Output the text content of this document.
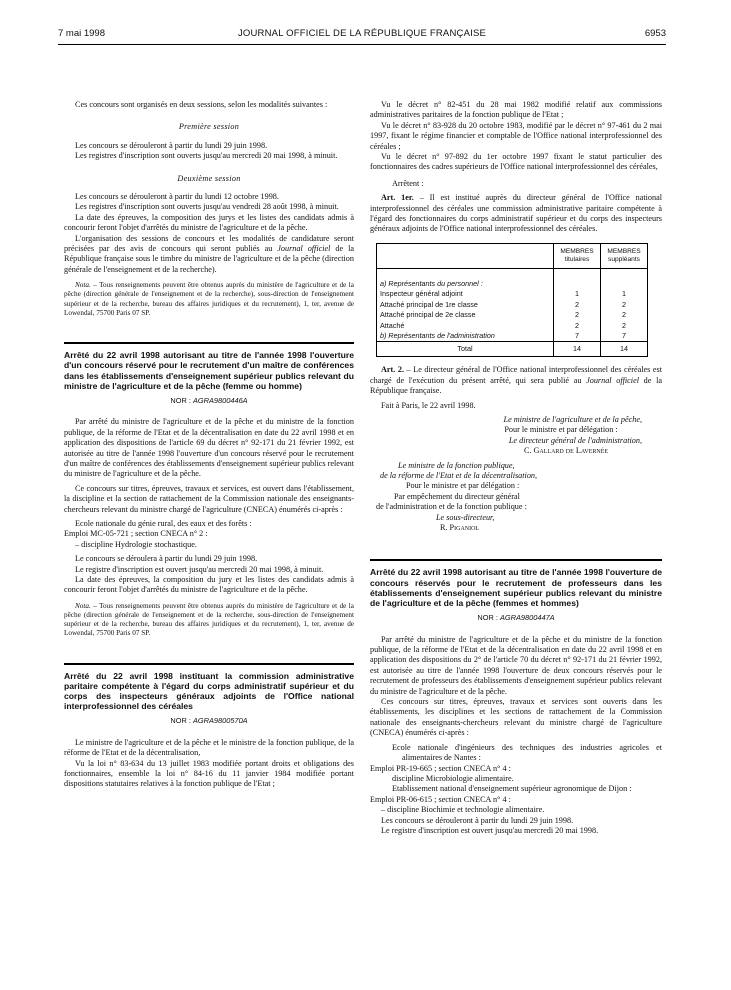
7 mai 1998	JOURNAL OFFICIEL DE LA RÉPUBLIQUE FRANÇAISE	6953

Ces concours sont organisés en deux sessions, selon les modalités suivantes :

Première session

Les concours se dérouleront à partir du lundi 29 juin 1998.

Les registres d'inscription sont ouverts jusqu'au mercredi 20 mai 1998, à minuit.

Deuxième session

Les concours se dérouleront à partir du lundi 12 octobre 1998.

Les registres d'inscription sont ouverts jusqu'au vendredi 28 août 1998, à minuit.

La date des épreuves, la composition des jurys et les listes des candidats admis à concourir feront l'objet d'arrêtés du ministre de l'agriculture et de la pêche.

L'organisation des sessions de concours et les modalités de candidature seront précisées par des avis de concours qui seront publiés au Journal officiel de la République française sous le timbre du ministre de l'agriculture et de la pêche (direction générale de l'enseignement et de la recherche).

Nota. – Tous renseignements peuvent être obtenus auprès du ministère de l'agriculture et de la pêche (direction générale de l'enseignement et de la recherche), sous-direction de l'enseignement supérieur et de la recherche, bureau des affaires juridiques et du recrutement), 1, ter, avenue de Lowendal, 75700 Paris 07 SP.

Arrêté du 22 avril 1998 autorisant au titre de l'année 1998 l'ouverture d'un concours réservé pour le recrutement d'un maître de conférences dans les établissements d'enseignement supérieur publics relevant du ministre de l'agriculture et de la pêche (femme ou homme)

NOR : AGRA9800446A

Par arrêté du ministre de l'agriculture et de la pêche et du ministre de la fonction publique, de la réforme de l'Etat et de la décentralisation en date du 22 avril 1998 et en application des dispositions de l'article 69 du décret n° 92-171 du 21 février 1992, est autorisée au titre de l'année 1998 l'ouverture d'un concours réservé pour le recrutement d'un maître de conférences des établissements d'enseignement supérieur publics relevant du ministre de l'agriculture et de la pêche.

Ce concours sur titres, épreuves, travaux et services, est ouvert dans l'établissement, la discipline et la section de rattachement de la Commission nationale des enseignants-chercheurs relevant du ministre chargé de l'agriculture (CNECA) énumérés ci-après :

Ecole nationale du génie rural, des eaux et des forêts :

Emploi MC-05-721 ; section CNECA n° 2 :

– discipline Hydrologie stochastique.

Le concours se déroulera à partir du lundi 29 juin 1998.

Le registre d'inscription est ouvert jusqu'au mercredi 20 mai 1998, à minuit.

La date des épreuves, la composition du jury et les listes des candidats admis à concourir feront l'objet d'arrêtés du ministre de l'agriculture et de la pêche.

Nota. – Tous renseignements peuvent être obtenus auprès du ministère de l'agriculture et de la pêche (direction générale de l'enseignement et de la recherche, sous-direction de l'enseignement supérieur et de la recherche, bureau des affaires juridiques et du recrutement), 1, ter, avenue de Lowendal, 75700 Paris 07 SP.

Arrêté du 22 avril 1998 instituant la commission administrative paritaire compétente à l'égard du corps administratif supérieur et du corps des inspecteurs généraux adjoints de l'Office national interprofessionnel des céréales

NOR : AGRA9800570A

Le ministre de l'agriculture et de la pêche et le ministre de la fonction publique, de la réforme de l'Etat et de la décentralisation,

Vu la loi n° 83-634 du 13 juillet 1983 modifiée portant droits et obligations des fonctionnaires, ensemble la loi n° 84-16 du 11 janvier 1984 modifiée portant dispositions statutaires relatives à la fonction publique de l'Etat ;

Vu le décret n° 82-451 du 28 mai 1982 modifié relatif aux commissions administratives paritaires de la fonction publique de l'Etat ;

Vu le décret n° 83-928 du 20 octobre 1983, modifié par le décret n° 97-461 du 2 mai 1997, fixant le régime financier et comptable de l'Office national interprofessionnel des céréales ;

Vu le décret n° 97-892 du 1er octobre 1997 fixant le statut particulier des fonctionnaires des cadres supérieurs de l'Office national interprofessionnel des céréales,

Arrêtent :

Art. 1er. – Il est institué auprès du directeur général de l'Office national interprofessionnel des céréales une commission administrative paritaire compétente à l'égard des fonctionnaires du corps administratif supérieur et du corps des inspecteurs généraux adjoints de l'Office national interprofessionnel des céréales.

	MEMBRES titulaires	MEMBRES suppléants

a) Représentants du personnel :		
Inspecteur général adjoint	1	1
Attaché principal de 1re classe	2	2
Attaché principal de 2e classe	2	2
Attaché	2	2
b) Représentants de l'administration	7	7
Total	14	14

Art. 2. – Le directeur général de l'Office national interprofessionnel des céréales est chargé de l'exécution du présent arrêté, qui sera publié au Journal officiel de la République française.

Fait à Paris, le 22 avril 1998.

Le ministre de l'agriculture et de la pêche,

Pour le ministre et par délégation :

Le directeur général de l'administration,

C. Gallard de Lavernée

Le ministre de la fonction publique,

de la réforme de l'Etat et de la décentralisation,

Pour le ministre et par délégation :

Par empêchement du directeur général

de l'administration et de la fonction publique :

Le sous-directeur,

R. Piganiol

Arrêté du 22 avril 1998 autorisant au titre de l'année 1998 l'ouverture de concours réservés pour le recrutement de professeurs dans les établissements d'enseignement supérieur publics relevant du ministre de l'agriculture et de la pêche (femmes et hommes)

NOR : AGRA9800447A

Par arrêté du ministre de l'agriculture et de la pêche et du ministre de la fonction publique, de la réforme de l'Etat et de la décentralisation en date du 22 avril 1998 et en application des dispositions du 2° de l'article 70 du décret n° 92-171 du 21 février 1992, est autorisée au titre de l'année 1998 l'ouverture de deux concours réservés pour le recrutement de professeurs des établissements d'enseignement supérieur publics relevant du ministre de l'agriculture et de la pêche.

Ces concours sur titres, épreuves, travaux et services sont ouverts dans les établissements, les disciplines et les sections de rattachement de la Commission nationale des enseignants-chercheurs relevant du ministre chargé de l'agriculture (CNECA) énumérés ci-après :

Ecole nationale d'ingénieurs des techniques des industries agricoles et alimentaires de Nantes :

Emploi PR-19-665 ; section CNECA n° 4 :

discipline Microbiologie alimentaire.

Etablissement national d'enseignement supérieur agronomique de Dijon :

Emploi PR-06-615 ; section CNECA n° 4 :

– discipline Biochimie et technologie alimentaire.

Les concours se dérouleront à partir du lundi 29 juin 1998.

Le registre d'inscription est ouvert jusqu'au mercredi 20 mai 1998.
